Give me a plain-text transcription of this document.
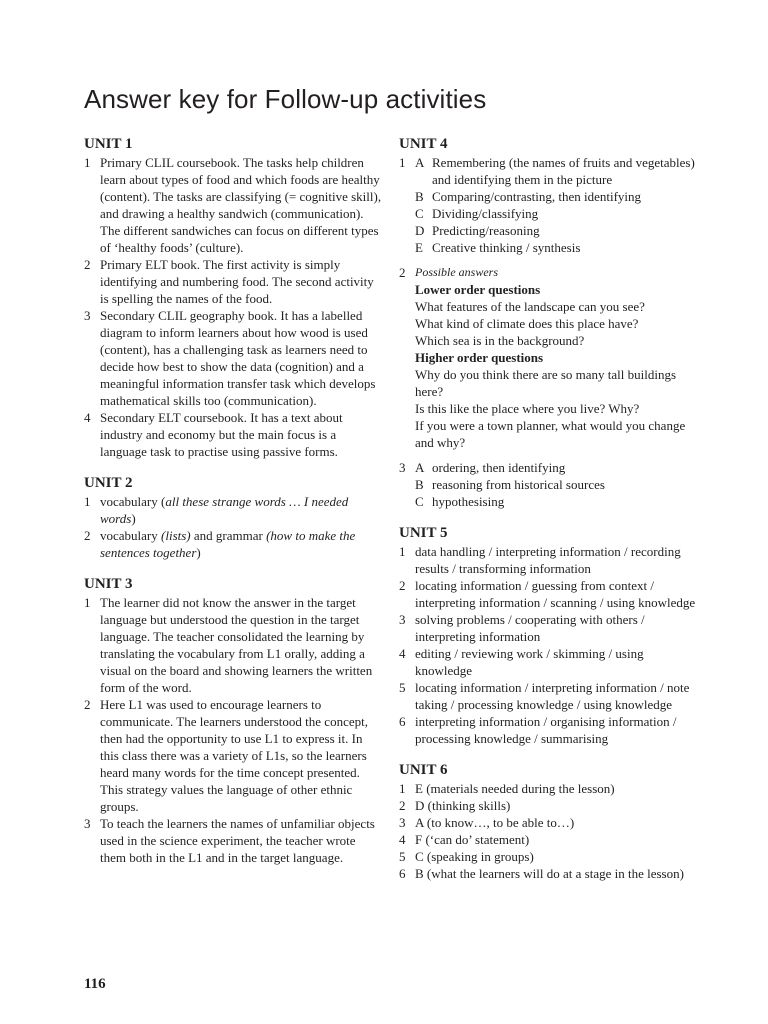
Answer key for Follow-up activities
UNIT 1
1 Primary CLIL coursebook. The tasks help children learn about types of food and which foods are healthy (content). The tasks are classifying (= cognitive skill), and drawing a healthy sandwich (communication). The different sandwiches can focus on different types of ‘healthy foods’ (culture).
2 Primary ELT book. The first activity is simply identifying and numbering food. The second activity is spelling the names of the food.
3 Secondary CLIL geography book. It has a labelled diagram to inform learners about how wood is used (content), has a challenging task as learners need to decide how best to show the data (cognition) and a meaningful information transfer task which develops mathematical skills too (communication).
4 Secondary ELT coursebook. It has a text about industry and economy but the main focus is a language task to practise using passive forms.
UNIT 2
1 vocabulary (all these strange words … I needed words)
2 vocabulary (lists) and grammar (how to make the sentences together)
UNIT 3
1 The learner did not know the answer in the target language but understood the question in the target language. The teacher consolidated the learning by translating the vocabulary from L1 orally, adding a visual on the board and showing learners the written form of the word.
2 Here L1 was used to encourage learners to communicate. The learners understood the concept, then had the opportunity to use L1 to express it. In this class there was a variety of L1s, so the learners heard many words for the time concept presented. This strategy values the language of other ethnic groups.
3 To teach the learners the names of unfamiliar objects used in the science experiment, the teacher wrote them both in the L1 and in the target language.
UNIT 4
1 A Remembering (the names of fruits and vegetables) and identifying them in the picture
B Comparing/contrasting, then identifying
C Dividing/classifying
D Predicting/reasoning
E Creative thinking / synthesis
2 Possible answers
Lower order questions
What features of the landscape can you see?
What kind of climate does this place have?
Which sea is in the background?
Higher order questions
Why do you think there are so many tall buildings here?
Is this like the place where you live? Why?
If you were a town planner, what would you change and why?
3 A ordering, then identifying
B reasoning from historical sources
C hypothesising
UNIT 5
1 data handling / interpreting information / recording results / transforming information
2 locating information / guessing from context / interpreting information / scanning / using knowledge
3 solving problems / cooperating with others / interpreting information
4 editing / reviewing work / skimming / using knowledge
5 locating information / interpreting information / note taking / processing knowledge / using knowledge
6 interpreting information / organising information / processing knowledge / summarising
UNIT 6
1 E (materials needed during the lesson)
2 D (thinking skills)
3 A (to know…, to be able to…)
4 F (‘can do’ statement)
5 C (speaking in groups)
6 B (what the learners will do at a stage in the lesson)
116
